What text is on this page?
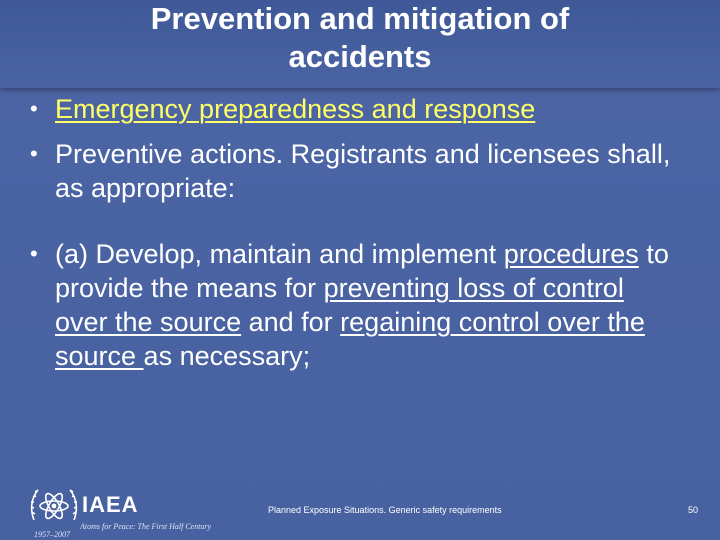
Prevention and mitigation of
accidents
• Emergency preparedness and response
• Preventive actions. Registrants and licensees shall, as appropriate:
• (a) Develop, maintain and implement procedures to provide the means for preventing loss of control over the source and for regaining control over the source as necessary;
IAEA
Atoms for Peace: The First Half Century
1957–2007
Planned Exposure Situations. Generic safety requirements	50
